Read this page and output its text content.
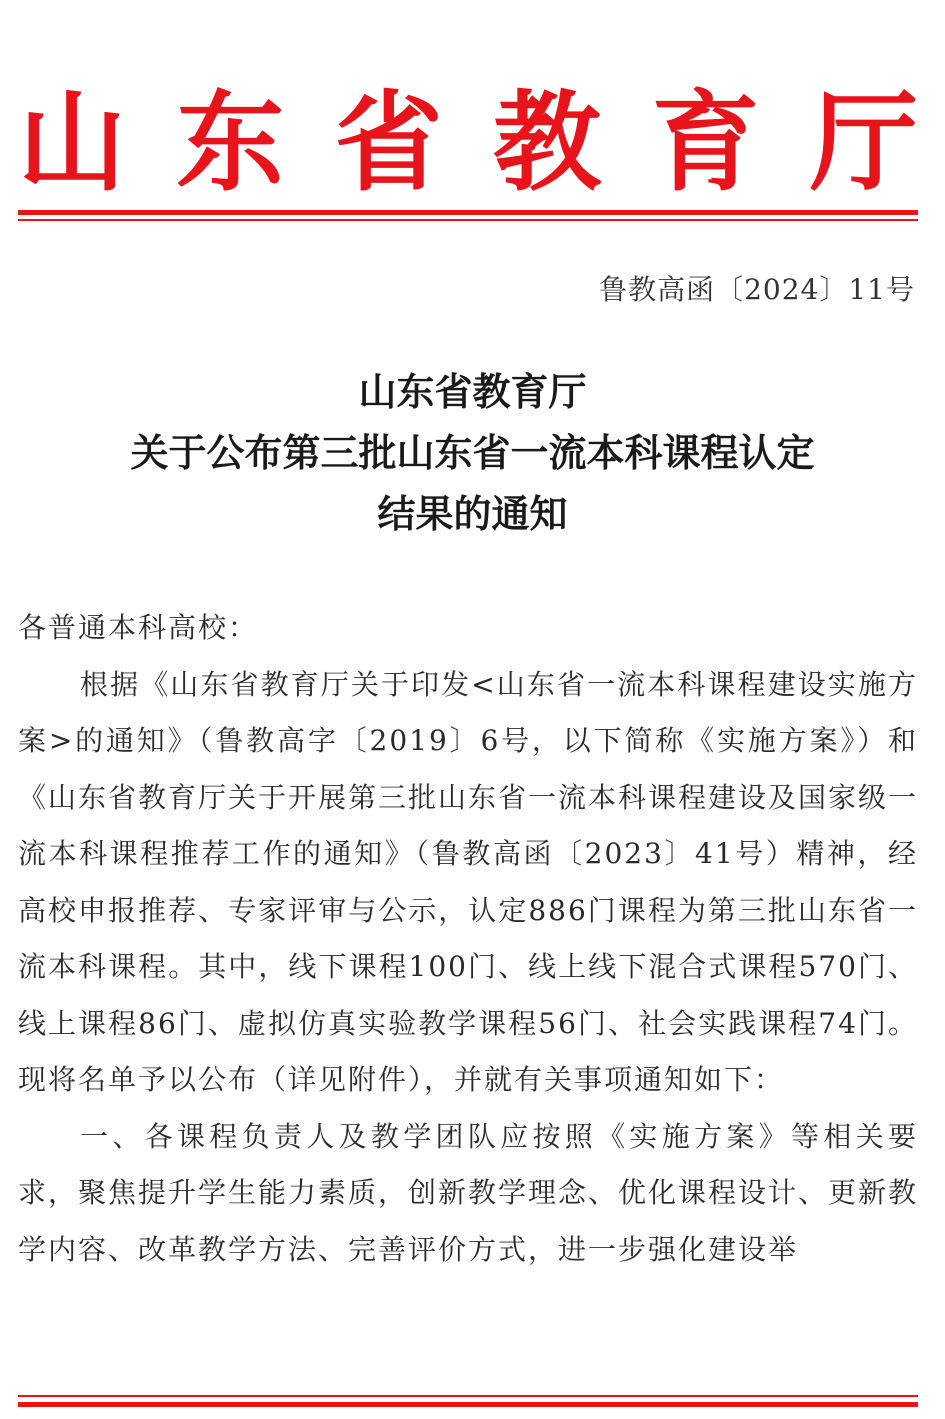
山 东 省 教 育 厅
鲁教高函〔2024〕11号
山东省教育厅
关于公布第三批山东省一流本科课程认定
结果的通知

各普通本科高校：

根据《山东省教育厅关于印发<山东省一流本科课程建设实施方案>的通知》（鲁教高字〔2019〕6号，以下简称《实施方案》）和《山东省教育厅关于开展第三批山东省一流本科课程建设及国家级一流本科课程推荐工作的通知》（鲁教高函〔2023〕41号）精神，经高校申报推荐、专家评审与公示，认定886门课程为第三批山东省一流本科课程。其中，线下课程100门、线上线下混合式课程570门、线上课程86门、虚拟仿真实验教学课程56门、社会实践课程74门。现将名单予以公布（详见附件），并就有关事项通知如下：

一、各课程负责人及教学团队应按照《实施方案》等相关要求，聚焦提升学生能力素质，创新教学理念、优化课程设计、更新教学内容、改革教学方法、完善评价方式，进一步强化建设举
